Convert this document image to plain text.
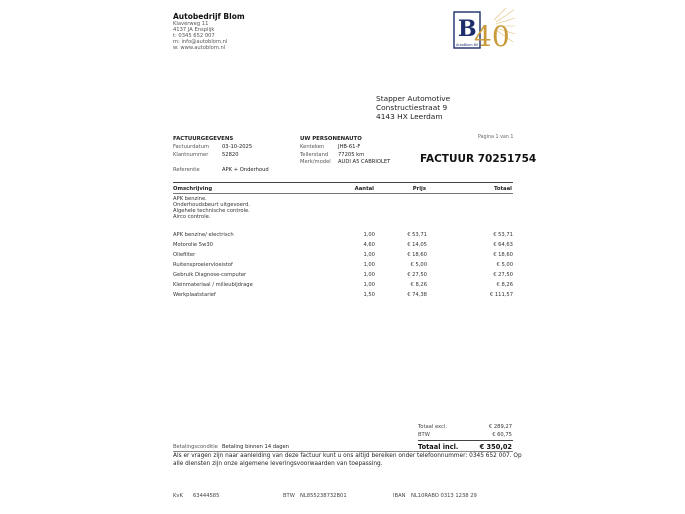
Autobedrijf Blom
Klaverweg 11
4137 JA Ensplijk
t: 0345 652 007
m: info@autoblom.nl
w: www.autoblom.nl
B
40
AutoBlom BV
Stapper Automotive
Constructiestraat 9
4143 HX Leerdam
FACTUURGEGEVENS
Factuurdatum 03-10-2025
Klantnummer	52820
Referentie	APK + Onderhoud
UW PERSONENAUTO
Kenteken	JHB-61-F
Tellerstand 77205 km
Merk/model AUDI A5 CABRIOLET
Pagina 1 van 1
FACTUUR 70251754
Omschrijving	Aantal	Prijs	Totaal
APK benzine.
Onderhoudsbeurt uitgevoerd.
Algehele technische controle.
Airco controle.
APK benzine/ electrisch	1,00	€ 53,71	€ 53,71
Motorolie 5w30	4,60	€ 14,05	€ 64,63
Oliefilter	1,00	€ 18,60	€ 18,60
Ruitensproeiervloeistof	1,00	€ 5,00	€ 5,00
Gebruik Diagnose-computer	1,00	€ 27,50	€ 27,50
Kleinmateriaal / milieubijdrage	1,00	€ 8,26	€ 8,26
Werkplaatstarief	1,50	€ 74,38	€ 111,57
Totaal excl.	€ 289,27
BTW	€ 60,75
Totaal incl.	€ 350,02
Betalingsconditie Betaling binnen 14 dagen
Als er vragen zijn naar aanleiding van deze factuur kunt u ons altijd bereiken onder telefoonnummer: 0345 652 007. Op
alle diensten zijn onze algemene leveringsvoorwaarden van toepassing.
KvK 63444585	BTW NL855238732B01	IBAN NL10RABO 0313 1238 29
